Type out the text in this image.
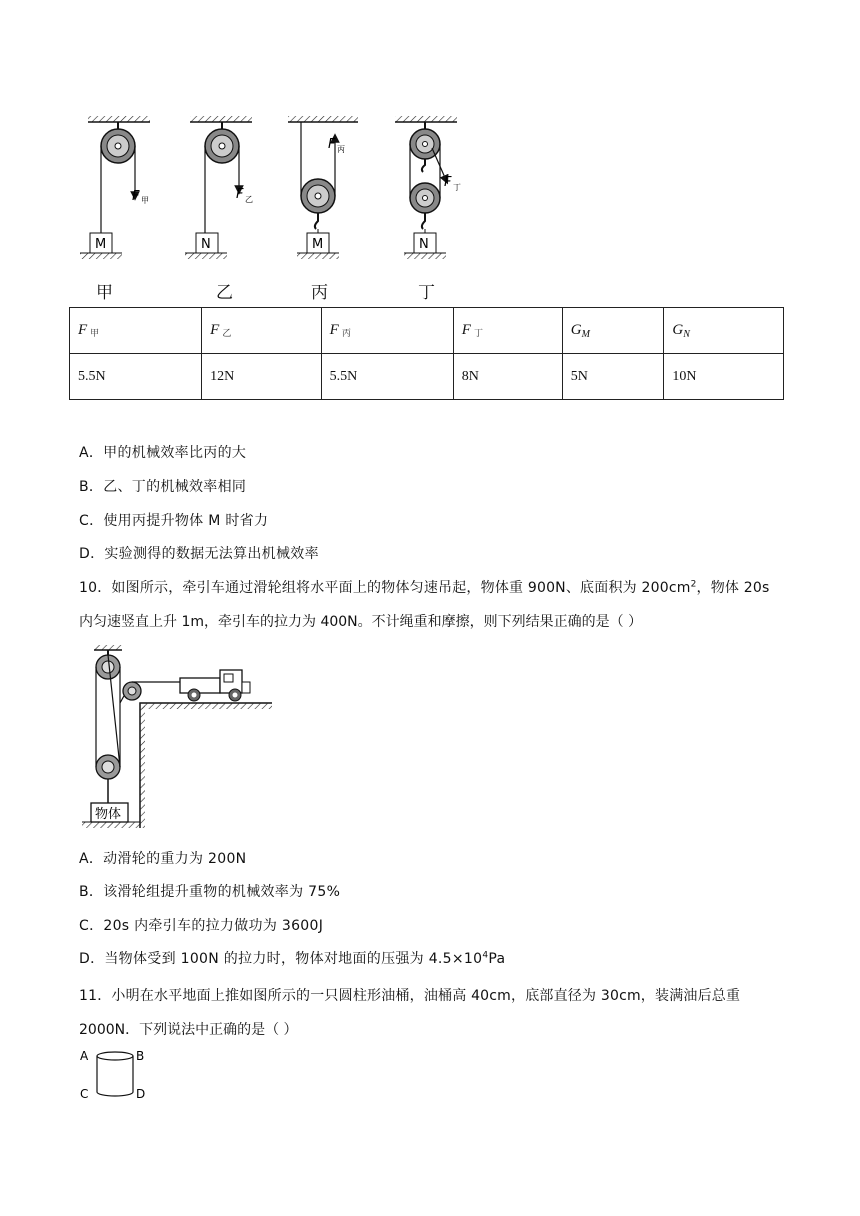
F 甲
M
F 乙
N
F 丙
M
F 丁
N
甲	乙	丙	丁
F 甲	F 乙	F 丙	F 丁	$G_M$	$G_N$
5.5N	12N	5.5N	8N	5N	10N
A．甲的机械效率比丙的大
B．乙、丁的机械效率相同
C．使用丙提升物体 M 时省力
D．实验测得的数据无法算出机械效率
10．如图所示，牵引车通过滑轮组将水平面上的物体匀速吊起，物体重 900N、底面积为 $200cm^2$，物体 20s
内匀速竖直上升 1m，牵引车的拉力为 400N。不计绳重和摩擦，则下列结果正确的是（ ）
物体
A．动滑轮的重力为 200N
B．该滑轮组提升重物的机械效率为 75%
C．20s 内牵引车的拉力做功为 3600J
D．当物体受到 100N 的拉力时，物体对地面的压强为 $4.5\times 10^4Pa$
11．小明在水平地面上推如图所示的一只圆柱形油桶，油桶高 40cm，底部直径为 30cm，装满油后总重
2000N．下列说法中正确的是（ ）
A	B
C	D
